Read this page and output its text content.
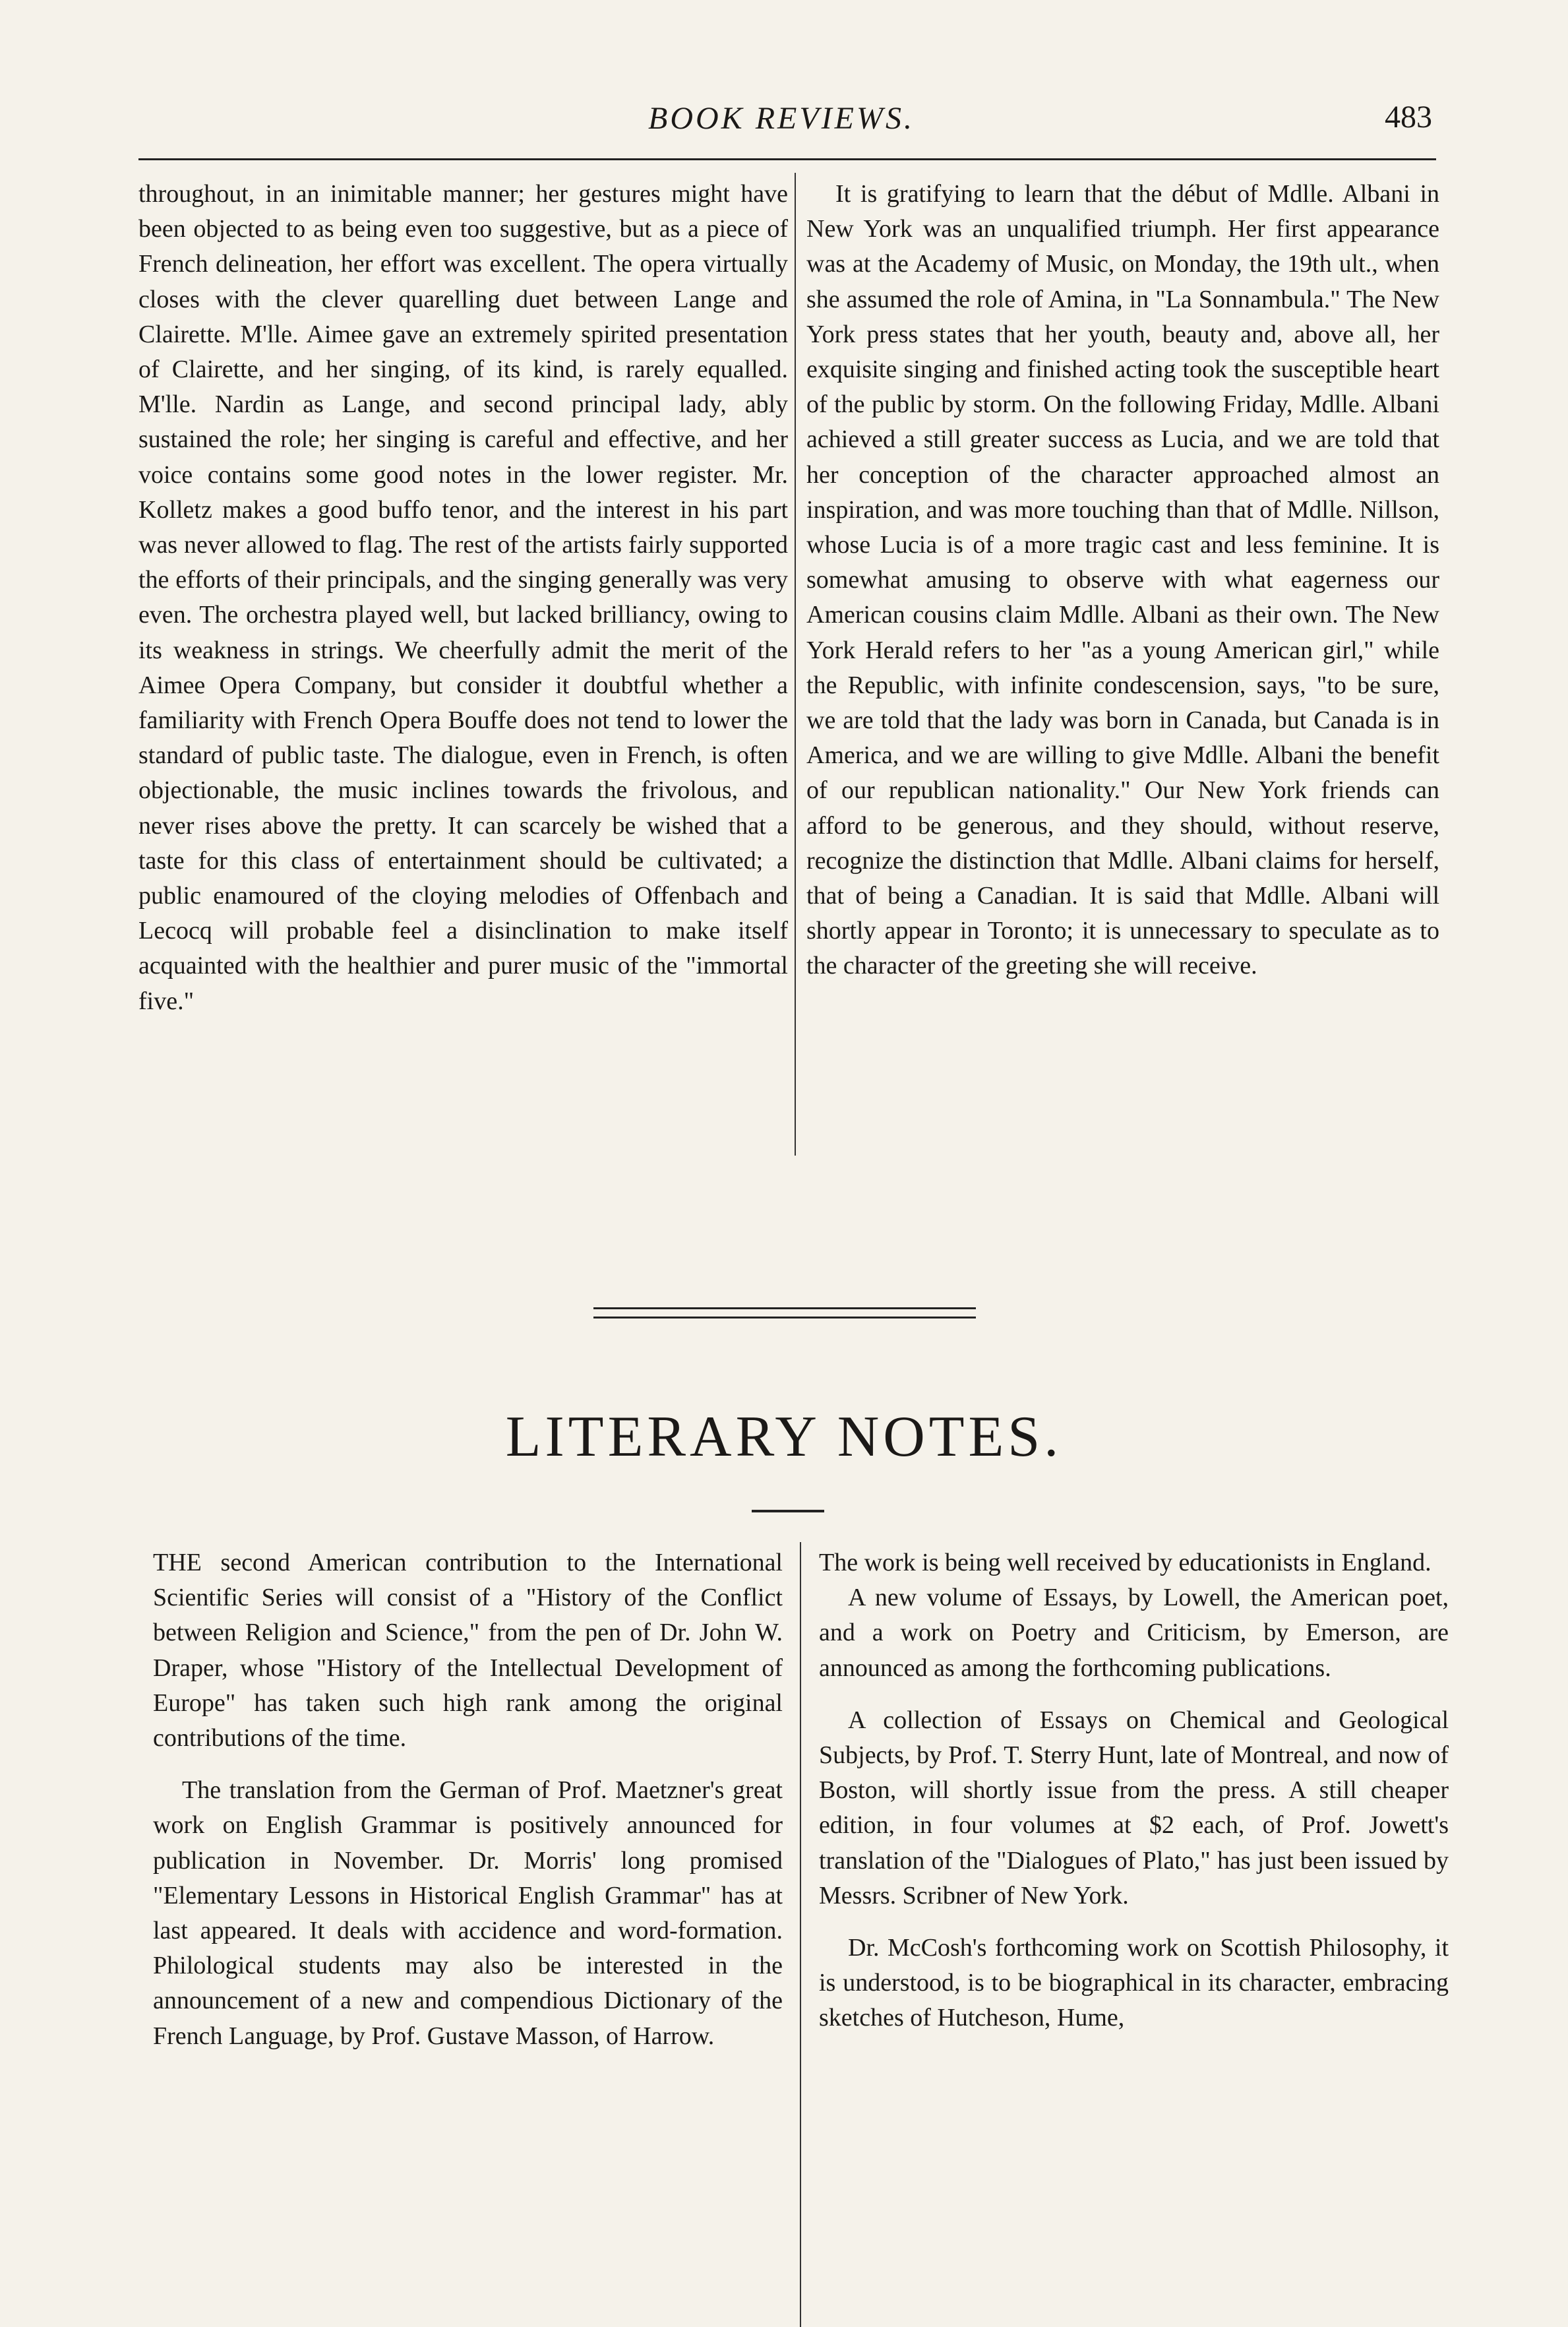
BOOK REVIEWS.	483

throughout, in an inimitable manner; her gestures might have been objected to as being even too suggestive, but as a piece of French delineation, her effort was excellent. The opera virtually closes with the clever quarelling duet between Lange and Clairette. M'lle. Aimee gave an extremely spirited presentation of Clairette, and her singing, of its kind, is rarely equalled. M'lle. Nardin as Lange, and second principal lady, ably sustained the role; her singing is careful and effective, and her voice contains some good notes in the lower register. Mr. Kolletz makes a good buffo tenor, and the interest in his part was never allowed to flag. The rest of the artists fairly supported the efforts of their principals, and the singing generally was very even. The orchestra played well, but lacked brilliancy, owing to its weakness in strings. We cheerfully admit the merit of the Aimee Opera Company, but consider it doubtful whether a familiarity with French Opera Bouffe does not tend to lower the standard of public taste. The dialogue, even in French, is often objectionable, the music inclines towards the frivolous, and never rises above the pretty. It can scarcely be wished that a taste for this class of entertainment should be cultivated; a public enamoured of the cloying melodies of Offenbach and Lecocq will probable feel a disinclination to make itself acquainted with the healthier and purer music of the "immortal five."

It is gratifying to learn that the début of Mdlle. Albani in New York was an unqualified triumph. Her first appearance was at the Academy of Music, on Monday, the 19th ult., when she assumed the role of Amina, in "La Sonnambula." The New York press states that her youth, beauty and, above all, her exquisite singing and finished acting took the susceptible heart of the public by storm. On the following Friday, Mdlle. Albani achieved a still greater success as Lucia, and we are told that her conception of the character approached almost an inspiration, and was more touching than that of Mdlle. Nillson, whose Lucia is of a more tragic cast and less feminine. It is somewhat amusing to observe with what eagerness our American cousins claim Mdlle. Albani as their own. The New York Herald refers to her "as a young American girl," while the Republic, with infinite condescension, says, "to be sure, we are told that the lady was born in Canada, but Canada is in America, and we are willing to give Mdlle. Albani the benefit of our republican nationality." Our New York friends can afford to be generous, and they should, without reserve, recognize the distinction that Mdlle. Albani claims for herself, that of being a Canadian. It is said that Mdlle. Albani will shortly appear in Toronto; it is unnecessary to speculate as to the character of the greeting she will receive.

LITERARY NOTES.

THE second American contribution to the International Scientific Series will consist of a "History of the Conflict between Religion and Science," from the pen of Dr. John W. Draper, whose "History of the Intellectual Development of Europe" has taken such high rank among the original contributions of the time.

The translation from the German of Prof. Maetzner's great work on English Grammar is positively announced for publication in November. Dr. Morris' long promised "Elementary Lessons in Historical English Grammar" has at last appeared. It deals with accidence and word-formation. Philological students may also be interested in the announcement of a new and compendious Dictionary of the French Language, by Prof. Gustave Masson, of Harrow.

The work is being well received by educationists in England.

A new volume of Essays, by Lowell, the American poet, and a work on Poetry and Criticism, by Emerson, are announced as among the forthcoming publications.

A collection of Essays on Chemical and Geological Subjects, by Prof. T. Sterry Hunt, late of Montreal, and now of Boston, will shortly issue from the press. A still cheaper edition, in four volumes at $2 each, of Prof. Jowett's translation of the "Dialogues of Plato," has just been issued by Messrs. Scribner of New York.

Dr. McCosh's forthcoming work on Scottish Philosophy, it is understood, is to be biographical in its character, embracing sketches of Hutcheson, Hume,
